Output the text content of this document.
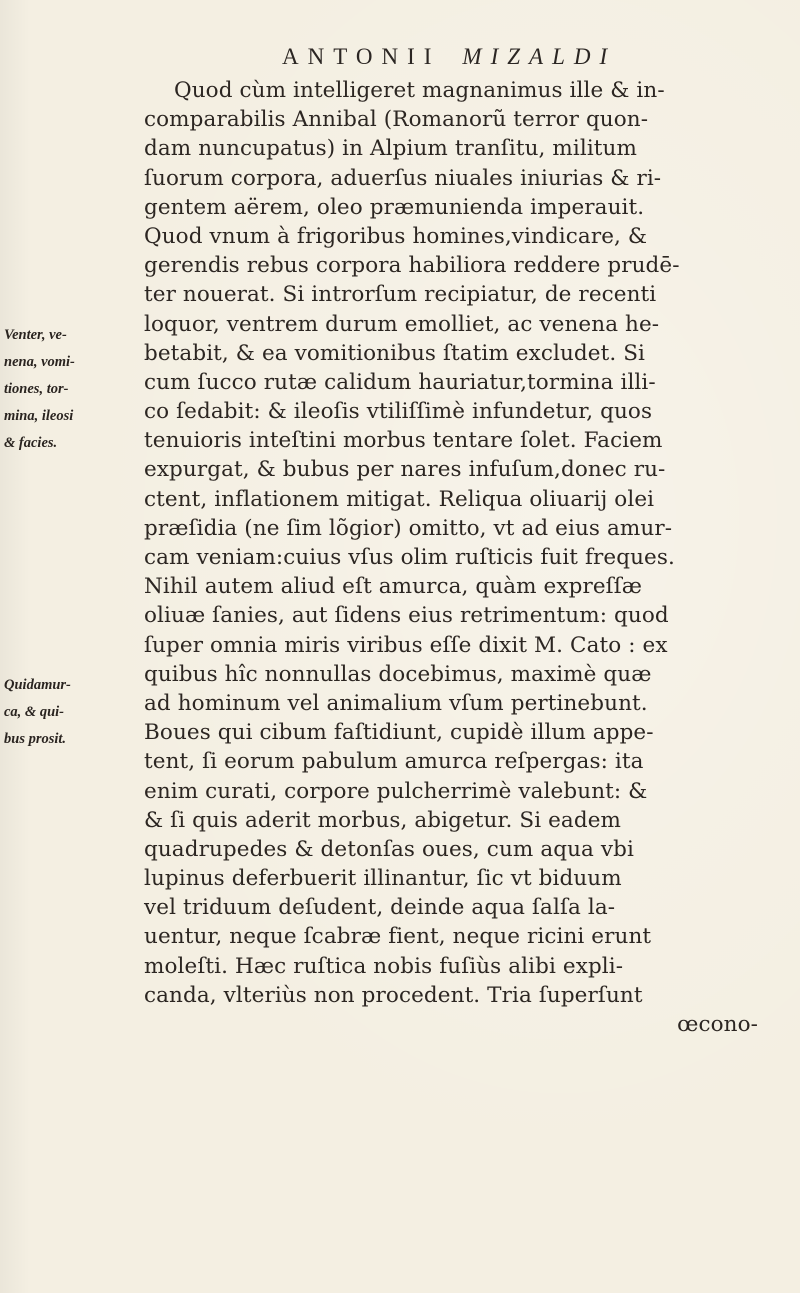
ANTONII MIZALDI
Venter, ve-
nena, vomi-
tiones, tor-
mina, ileosi
& facies.
Quidamur-
ca, & qui-
bus prosit.
Quod cùm intelligeret magnanimus ille & in-
comparabilis Annibal (Romanorũ terror quon-
dam nuncupatus) in Alpium tranſitu, militum
ſuorum corpora, aduerſus niuales iniurias & ri-
gentem aërem, oleo præmunienda imperauit.
Quod vnum à frigoribus homines,vindicare, &
gerendis rebus corpora habiliora reddere prudē-
ter nouerat. Si introrſum recipiatur, de recenti
loquor, ventrem durum emolliet, ac venena he-
betabit, & ea vomitionibus ſtatim excludet. Si
cum ſucco rutæ calidum hauriatur,tormina illi-
co ſedabit: & ileoſis vtiliſſimè infundetur, quos
tenuioris inteſtini morbus tentare ſolet. Faciem
expurgat, & bubus per nares infuſum,donec ru-
ctent, inflationem mitigat. Reliqua oliuarij olei
præſidia (ne ſim lõgior) omitto, vt ad eius amur-
cam veniam:cuius vſus olim ruſticis fuit freques.
Nihil autem aliud eſt amurca, quàm expreſſæ
oliuæ ſanies, aut ſidens eius retrimentum: quod
ſuper omnia miris viribus eſſe dixit M. Cato : ex
quibus hîc nonnullas docebimus, maximè quæ
ad hominum vel animalium vſum pertinebunt.
Boues qui cibum faſtidiunt, cupidè illum appe-
tent, ſi eorum pabulum amurca reſpergas: ita
enim curati, corpore pulcherrimè valebunt: &
& ſi quis aderit morbus, abigetur. Si eadem
quadrupedes & detonſas oues, cum aqua vbi
lupinus deferbuerit illinantur, ſic vt biduum
vel triduum deſudent, deinde aqua ſalſa la-
uentur, neque ſcabræ fient, neque ricini erunt
moleſti. Hæc ruſtica nobis fuſiùs alibi expli-
canda, vlteriùs non procedent. Tria ſuperſunt
œcono-
